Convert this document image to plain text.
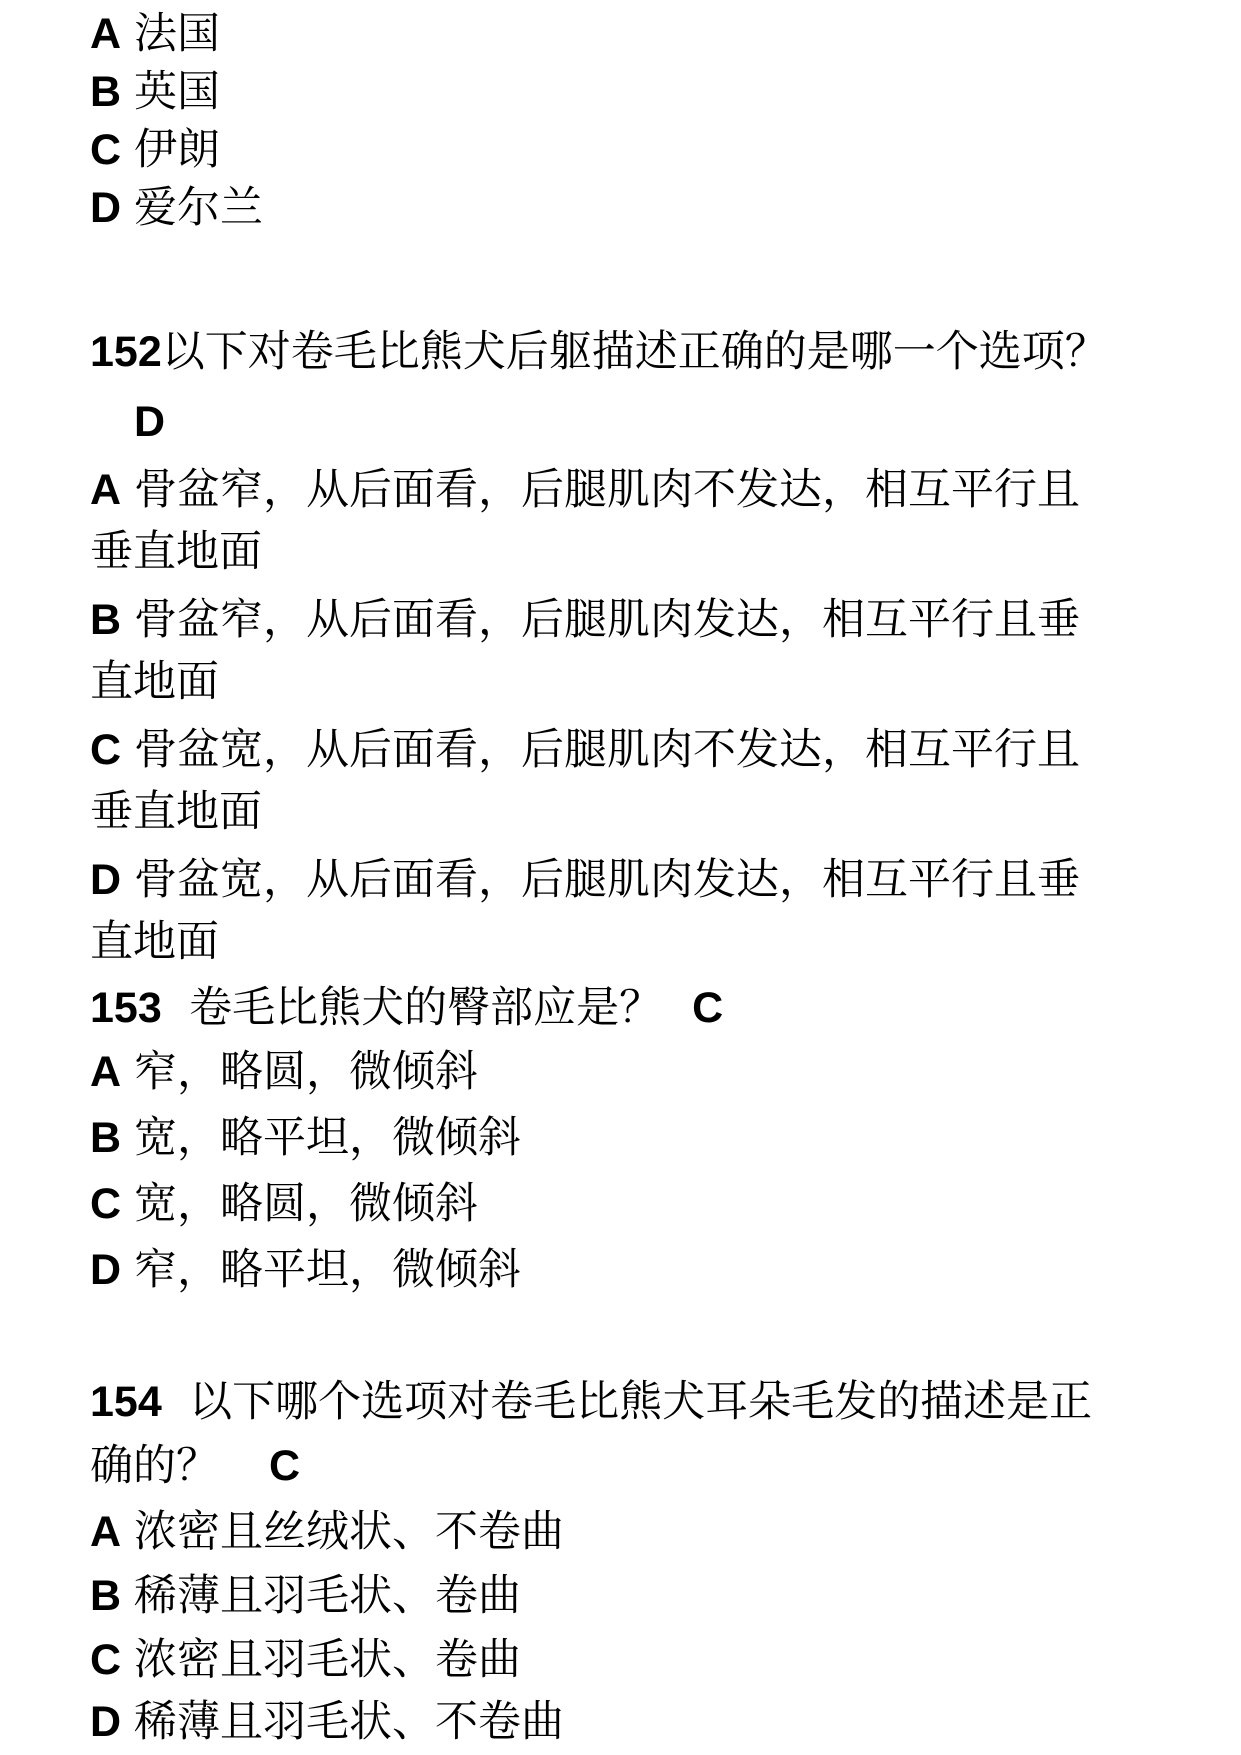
A 法国
B 英国
C 伊朗
D 爱尔兰
152以下对卷毛比熊犬后躯描述正确的是哪一个选项？
D
A 骨盆窄，从后面看，后腿肌肉不发达，相互平行且
垂直地面
B 骨盆窄，从后面看，后腿肌肉发达，相互平行且垂
直地面
C 骨盆宽，从后面看，后腿肌肉不发达，相互平行且
垂直地面
D 骨盆宽，从后面看，后腿肌肉发达，相互平行且垂
直地面
153 卷毛比熊犬的臀部应是？ C
A 窄，略圆，微倾斜
B 宽，略平坦，微倾斜
C 宽，略圆，微倾斜
D 窄，略平坦，微倾斜
154 以下哪个选项对卷毛比熊犬耳朵毛发的描述是正
确的？ C
A 浓密且丝绒状、不卷曲
B 稀薄且羽毛状、卷曲
C 浓密且羽毛状、卷曲
D 稀薄且羽毛状、不卷曲
